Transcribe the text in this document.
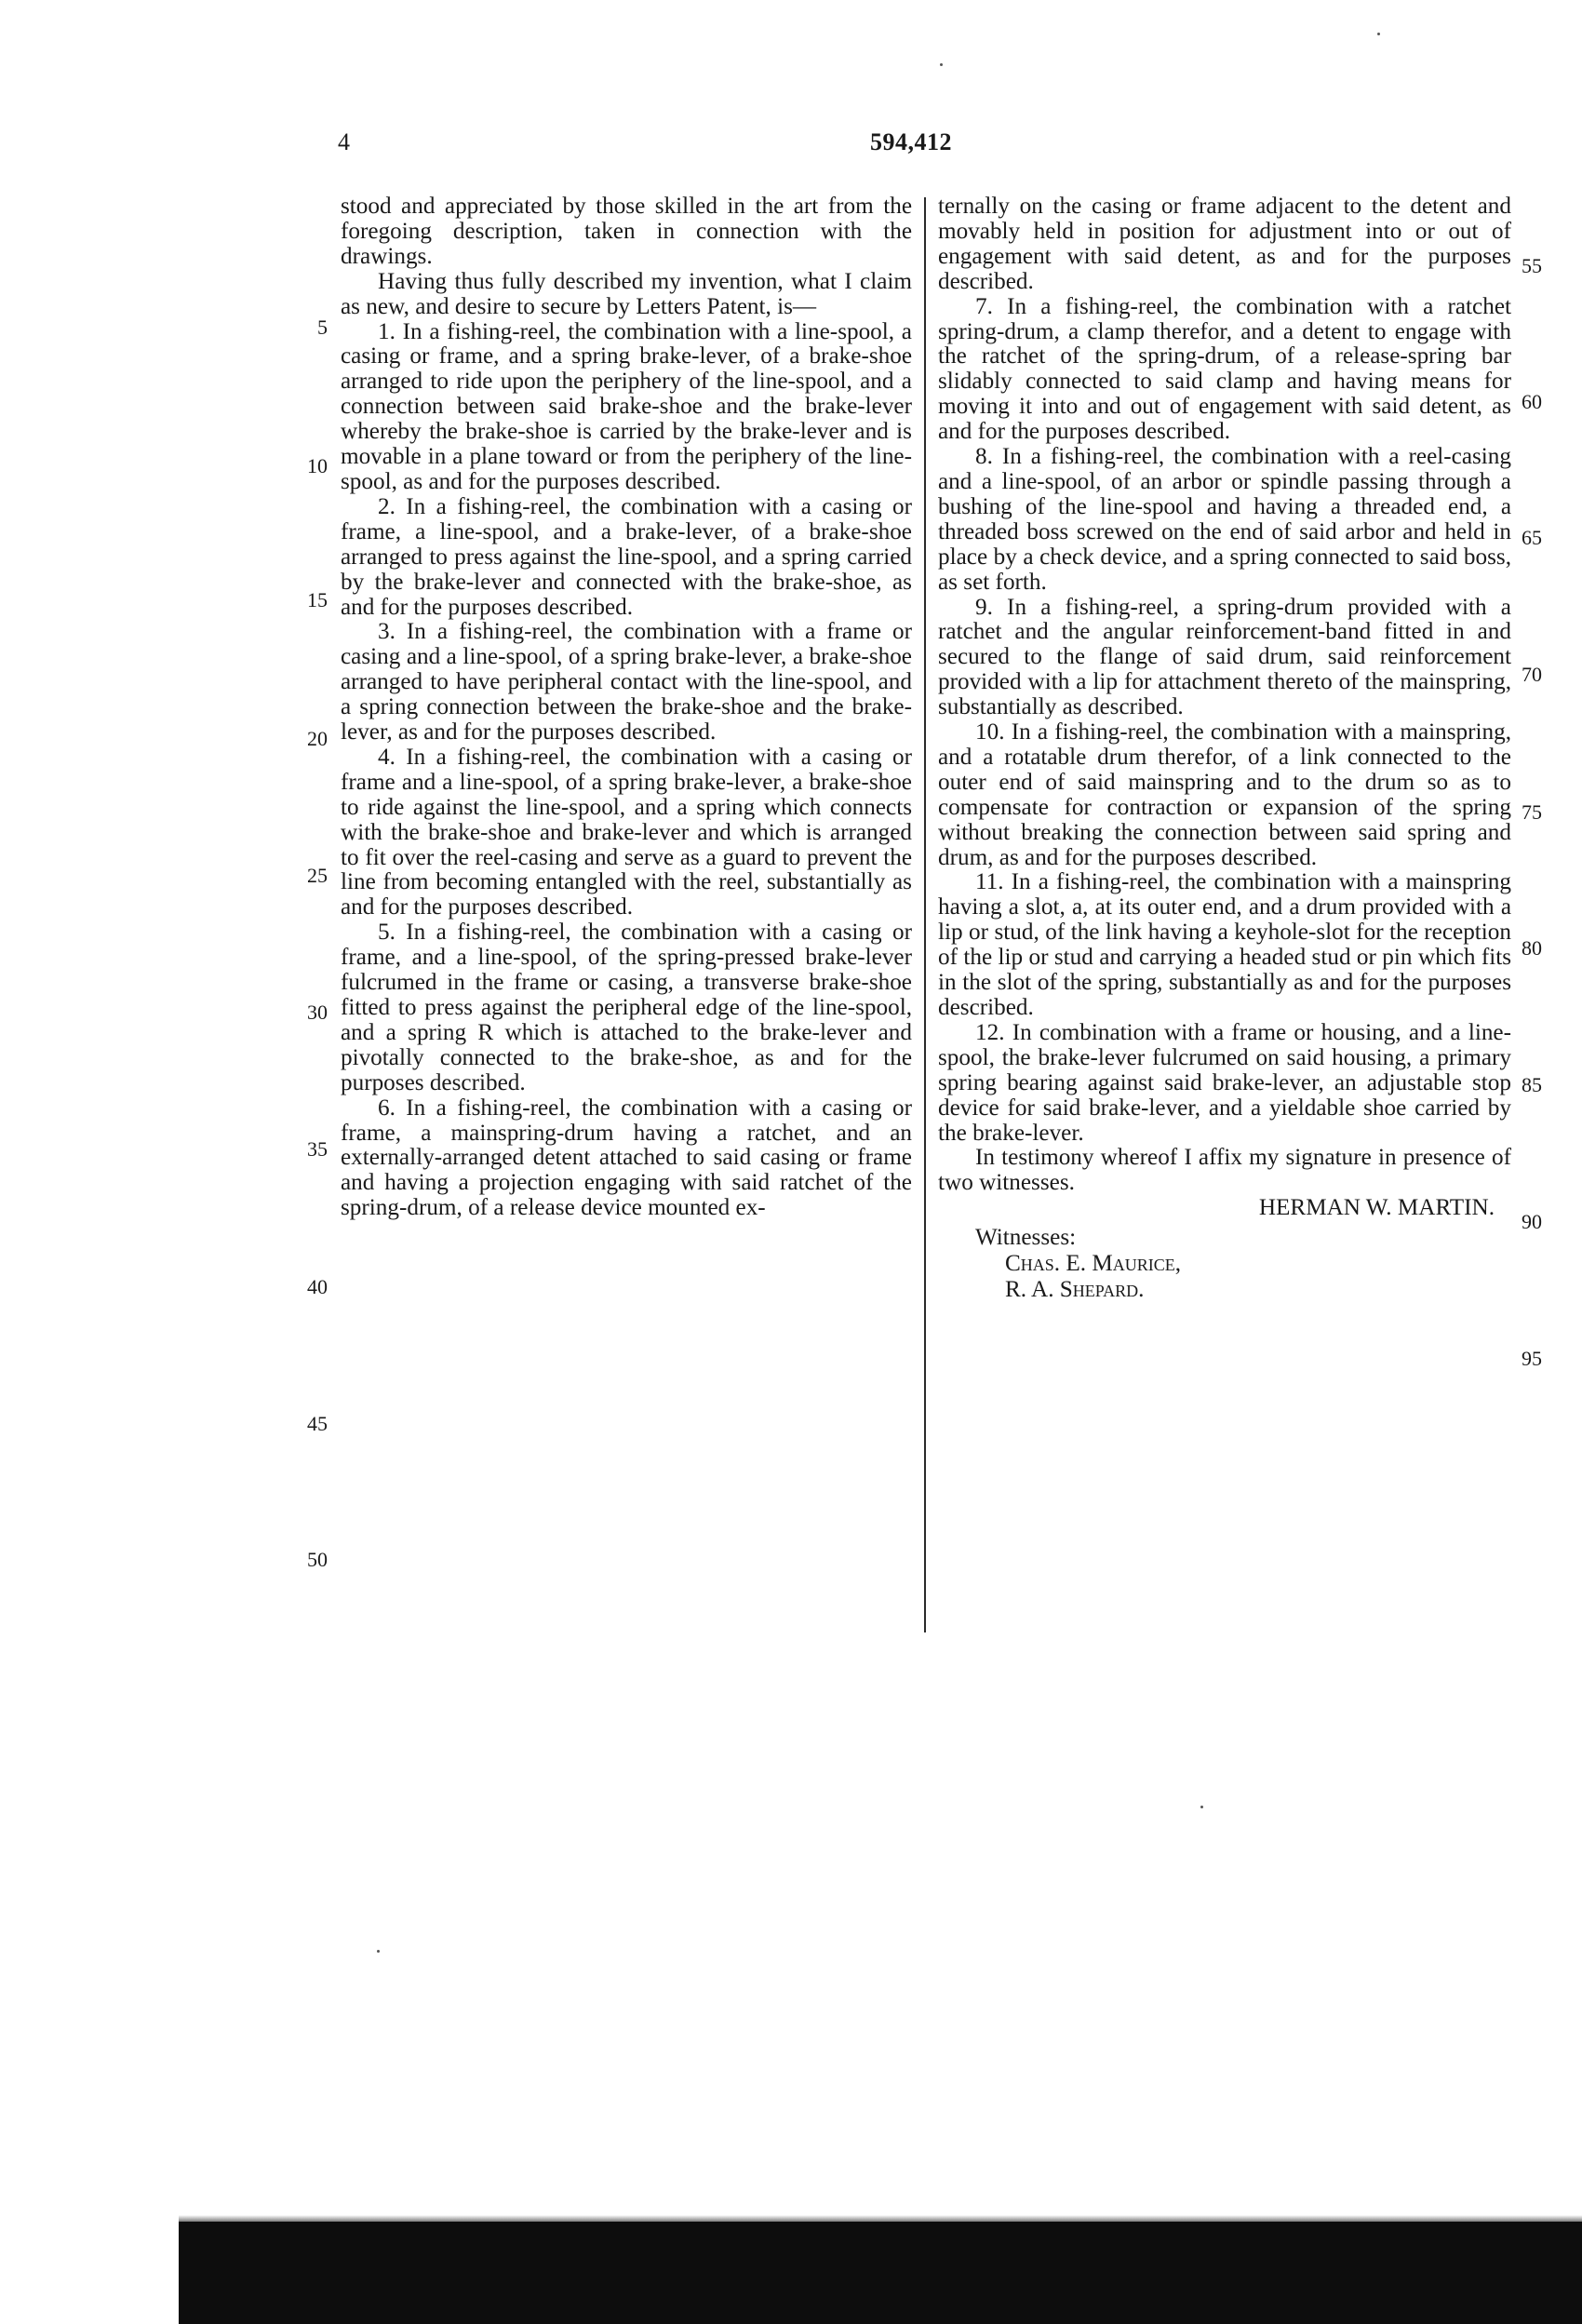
4	594,412

stood and appreciated by those skilled in the art from the foregoing description, taken in connection with the drawings.

Having thus fully described my invention, what I claim as new, and desire to secure by Letters Patent, is—

1. In a fishing-reel, the combination with a line-spool, a casing or frame, and a spring brake-lever, of a brake-shoe arranged to ride upon the periphery of the line-spool, and a connection between said brake-shoe and the brake-lever whereby the brake-shoe is carried by the brake-lever and is movable in a plane toward or from the periphery of the line-spool, as and for the purposes described.

2. In a fishing-reel, the combination with a casing or frame, a line-spool, and a brake-lever, of a brake-shoe arranged to press against the line-spool, and a spring carried by the brake-lever and connected with the brake-shoe, as and for the purposes described.

3. In a fishing-reel, the combination with a frame or casing and a line-spool, of a spring brake-lever, a brake-shoe arranged to have peripheral contact with the line-spool, and a spring connection between the brake-shoe and the brake-lever, as and for the purposes described.

4. In a fishing-reel, the combination with a casing or frame and a line-spool, of a spring brake-lever, a brake-shoe to ride against the line-spool, and a spring which connects with the brake-shoe and brake-lever and which is arranged to fit over the reel-casing and serve as a guard to prevent the line from becoming entangled with the reel, substantially as and for the purposes described.

5. In a fishing-reel, the combination with a casing or frame, and a line-spool, of the spring-pressed brake-lever fulcrumed in the frame or casing, a transverse brake-shoe fitted to press against the peripheral edge of the line-spool, and a spring R which is attached to the brake-lever and pivotally connected to the brake-shoe, as and for the purposes described.

6. In a fishing-reel, the combination with a casing or frame, a mainspring-drum having a ratchet, and an externally-arranged detent attached to said casing or frame and having a projection engaging with said ratchet of the spring-drum, of a release device mounted ex-

ternally on the casing or frame adjacent to the detent and movably held in position for adjustment into or out of engagement with said detent, as and for the purposes described.

7. In a fishing-reel, the combination with a ratchet spring-drum, a clamp therefor, and a detent to engage with the ratchet of the spring-drum, of a release-spring bar slidably connected to said clamp and having means for moving it into and out of engagement with said detent, as and for the purposes described.

8. In a fishing-reel, the combination with a reel-casing and a line-spool, of an arbor or spindle passing through a bushing of the line-spool and having a threaded end, a threaded boss screwed on the end of said arbor and held in place by a check device, and a spring connected to said boss, as set forth.

9. In a fishing-reel, a spring-drum provided with a ratchet and the angular reinforcement-band fitted in and secured to the flange of said drum, said reinforcement provided with a lip for attachment thereto of the mainspring, substantially as described.

10. In a fishing-reel, the combination with a mainspring, and a rotatable drum therefor, of a link connected to the outer end of said mainspring and to the drum so as to compensate for contraction or expansion of the spring without breaking the connection between said spring and drum, as and for the purposes described.

11. In a fishing-reel, the combination with a mainspring having a slot, a, at its outer end, and a drum provided with a lip or stud, of the link having a keyhole-slot for the reception of the lip or stud and carrying a headed stud or pin which fits in the slot of the spring, substantially as and for the purposes described.

12. In combination with a frame or housing, and a line-spool, the brake-lever fulcrumed on said housing, a primary spring bearing against said brake-lever, an adjustable stop device for said brake-lever, and a yieldable shoe carried by the brake-lever.

In testimony whereof I affix my signature in presence of two witnesses.

HERMAN W. MARTIN.
Witnesses:
Chas. E. Maurice,
R. A. Shepard.
5
10
15
20
25
30
35
40
45
50
55
60
65
70
75
80
85
90
95
